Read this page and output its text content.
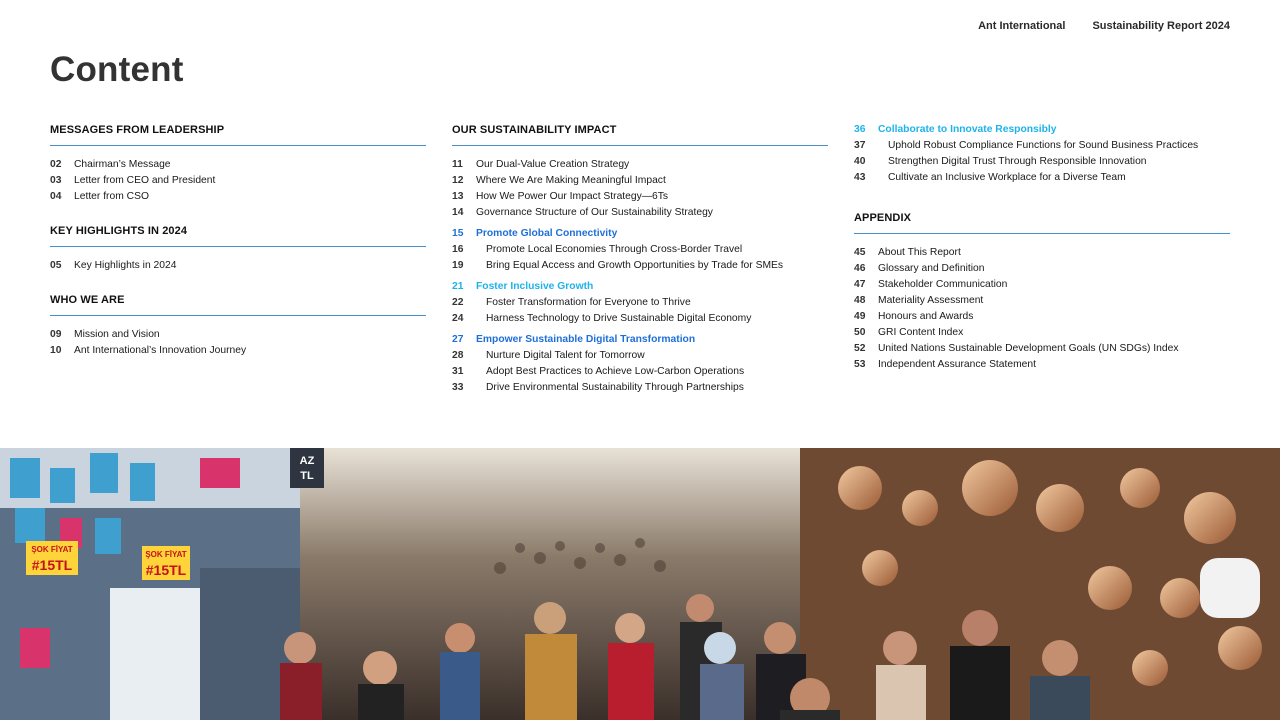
Ant International Sustainability Report 2024
Content
MESSAGES FROM LEADERSHIP
02	Chairman’s Message
03	Letter from CEO and President
04	Letter from CSO
KEY HIGHLIGHTS IN 2024
05	Key Highlights in 2024
WHO WE ARE
09	Mission and Vision
10	Ant International’s Innovation Journey
OUR SUSTAINABILITY IMPACT
11	Our Dual-Value Creation Strategy
12	Where We Are Making Meaningful Impact
13	How We Power Our Impact Strategy—6Ts
14	Governance Structure of Our Sustainability Strategy
15	Promote Global Connectivity
16	Promote Local Economies Through Cross-Border Travel
19	Bring Equal Access and Growth Opportunities by Trade for SMEs
21	Foster Inclusive Growth
22	Foster Transformation for Everyone to Thrive
24	Harness Technology to Drive Sustainable Digital Economy
27	Empower Sustainable Digital Transformation
28	Nurture Digital Talent for Tomorrow
31	Adopt Best Practices to Achieve Low-Carbon Operations
33	Drive Environmental Sustainability Through Partnerships
36	Collaborate to Innovate Responsibly
37	Uphold Robust Compliance Functions for Sound Business Practices
40	Strengthen Digital Trust Through Responsible Innovation
43	Cultivate an Inclusive Workplace for a Diverse Team
APPENDIX
45	About This Report
46	Glossary and Definition
47	Stakeholder Communication
48	Materiality Assessment
49	Honours and Awards
50	GRI Content Index
52	United Nations Sustainable Development Goals (UN SDGs) Index
53	Independent Assurance Statement
ŞOK FİYAT
#15TL
ŞOK FİYAT
#15TL
AZ
TL
